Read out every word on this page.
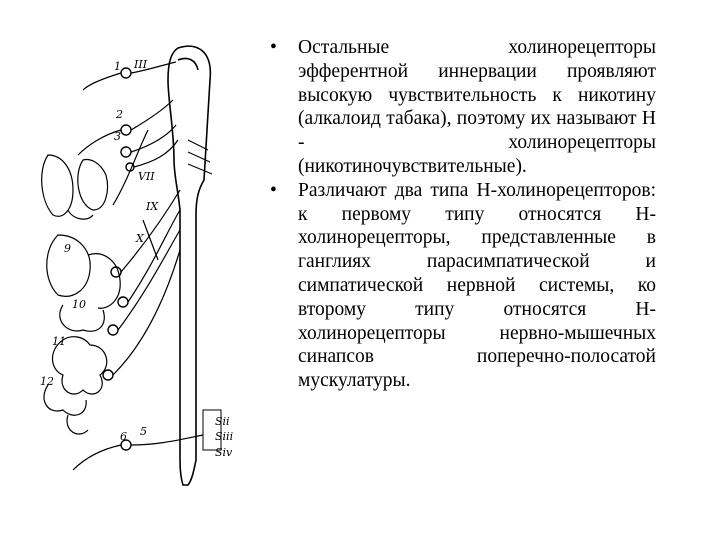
1 III
2
3
VII
IX
X
9
10
11
12
6 5
Sii
Siii
Siv
• Остальные холинорецепторы эфферентной иннервации проявляют высокую чувствительность к никотину (алкалоид табака), поэтому их называют Н - холинорецепторы (никотиночувствительные).
• Различают два типа Н-холинорецепторов: к первому типу относятся Н-холинорецепторы, представленные в ганглиях парасимпатической и симпатической нервной системы, ко второму типу относятся Н-холинорецепторы нервно-мышечных синапсов поперечно-полосатой мускулатуры.
